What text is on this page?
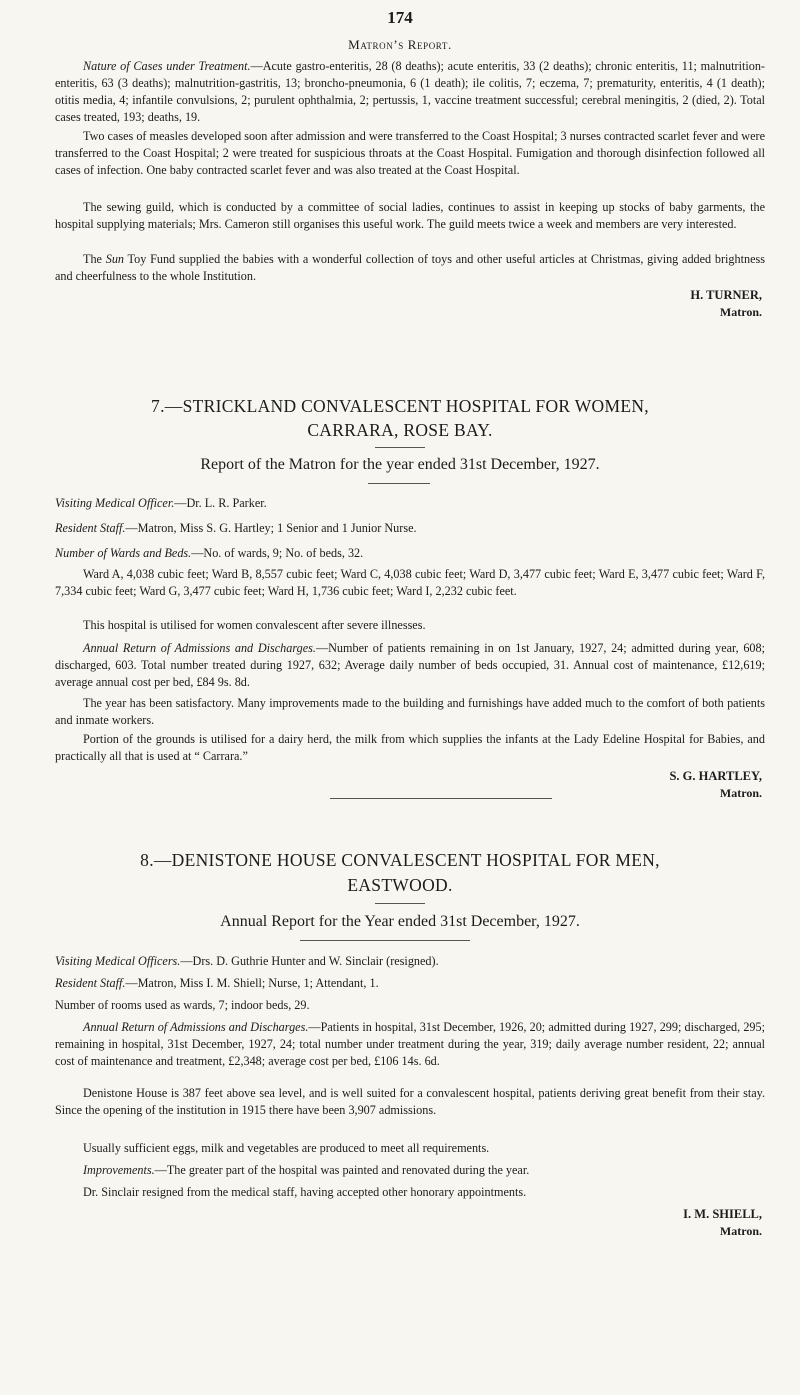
174
Matron’s Report.

Nature of Cases under Treatment.—Acute gastro-enteritis, 28 (8 deaths); acute enteritis, 33 (2 deaths); chronic enteritis, 11; malnutrition-enteritis, 63 (3 deaths); malnutrition-gastritis, 13; broncho-pneumonia, 6 (1 death); ile colitis, 7; eczema, 7; prematurity, enteritis, 4 (1 death); otitis media, 4; infantile convulsions, 2; purulent ophthalmia, 2; pertussis, 1, vaccine treatment successful; cerebral meningitis, 2 (died, 2). Total cases treated, 193; deaths, 19.

Two cases of measles developed soon after admission and were transferred to the Coast Hospital; 3 nurses contracted scarlet fever and were transferred to the Coast Hospital; 2 were treated for suspicious throats at the Coast Hospital. Fumigation and thorough disinfection followed all cases of infection. One baby contracted scarlet fever and was also treated at the Coast Hospital.

The sewing guild, which is conducted by a committee of social ladies, continues to assist in keeping up stocks of baby garments, the hospital supplying materials; Mrs. Cameron still organises this useful work. The guild meets twice a week and members are very interested.

The Sun Toy Fund supplied the babies with a wonderful collection of toys and other useful articles at Christmas, giving added brightness and cheerfulness to the whole Institution.

H. TURNER,
Matron.
7.—STRICKLAND CONVALESCENT HOSPITAL FOR WOMEN,
CARRARA, ROSE BAY.
Report of the Matron for the year ended 31st December, 1927.

Visiting Medical Officer.—Dr. L. R. Parker.

Resident Staff.—Matron, Miss S. G. Hartley; 1 Senior and 1 Junior Nurse.

Number of Wards and Beds.—No. of wards, 9; No. of beds, 32.

Ward A, 4,038 cubic feet; Ward B, 8,557 cubic feet; Ward C, 4,038 cubic feet; Ward D, 3,477 cubic feet; Ward E, 3,477 cubic feet; Ward F, 7,334 cubic feet; Ward G, 3,477 cubic feet; Ward H, 1,736 cubic feet; Ward I, 2,232 cubic feet.

This hospital is utilised for women convalescent after severe illnesses.

Annual Return of Admissions and Discharges.—Number of patients remaining in on 1st January, 1927, 24; admitted during year, 608; discharged, 603. Total number treated during 1927, 632; Average daily number of beds occupied, 31. Annual cost of maintenance, £12,619; average annual cost per bed, £84 9s. 8d.

The year has been satisfactory. Many improvements made to the building and furnishings have added much to the comfort of both patients and inmate workers.

Portion of the grounds is utilised for a dairy herd, the milk from which supplies the infants at the Lady Edeline Hospital for Babies, and practically all that is used at “ Carrara.”

S. G. HARTLEY,
Matron.
8.—DENISTONE HOUSE CONVALESCENT HOSPITAL FOR MEN,
EASTWOOD.
Annual Report for the Year ended 31st December, 1927.

Visiting Medical Officers.—Drs. D. Guthrie Hunter and W. Sinclair (resigned).

Resident Staff.—Matron, Miss I. M. Shiell; Nurse, 1; Attendant, 1.

Number of rooms used as wards, 7; indoor beds, 29.

Annual Return of Admissions and Discharges.—Patients in hospital, 31st December, 1926, 20; admitted during 1927, 299; discharged, 295; remaining in hospital, 31st December, 1927, 24; total number under treatment during the year, 319; daily average number resident, 22; annual cost of maintenance and treatment, £2,348; average cost per bed, £106 14s. 6d.

Denistone House is 387 feet above sea level, and is well suited for a convalescent hospital, patients deriving great benefit from their stay. Since the opening of the institution in 1915 there have been 3,907 admissions.

Usually sufficient eggs, milk and vegetables are produced to meet all requirements.

Improvements.—The greater part of the hospital was painted and renovated during the year.

Dr. Sinclair resigned from the medical staff, having accepted other honorary appointments.

I. M. SHIELL,
Matron.
